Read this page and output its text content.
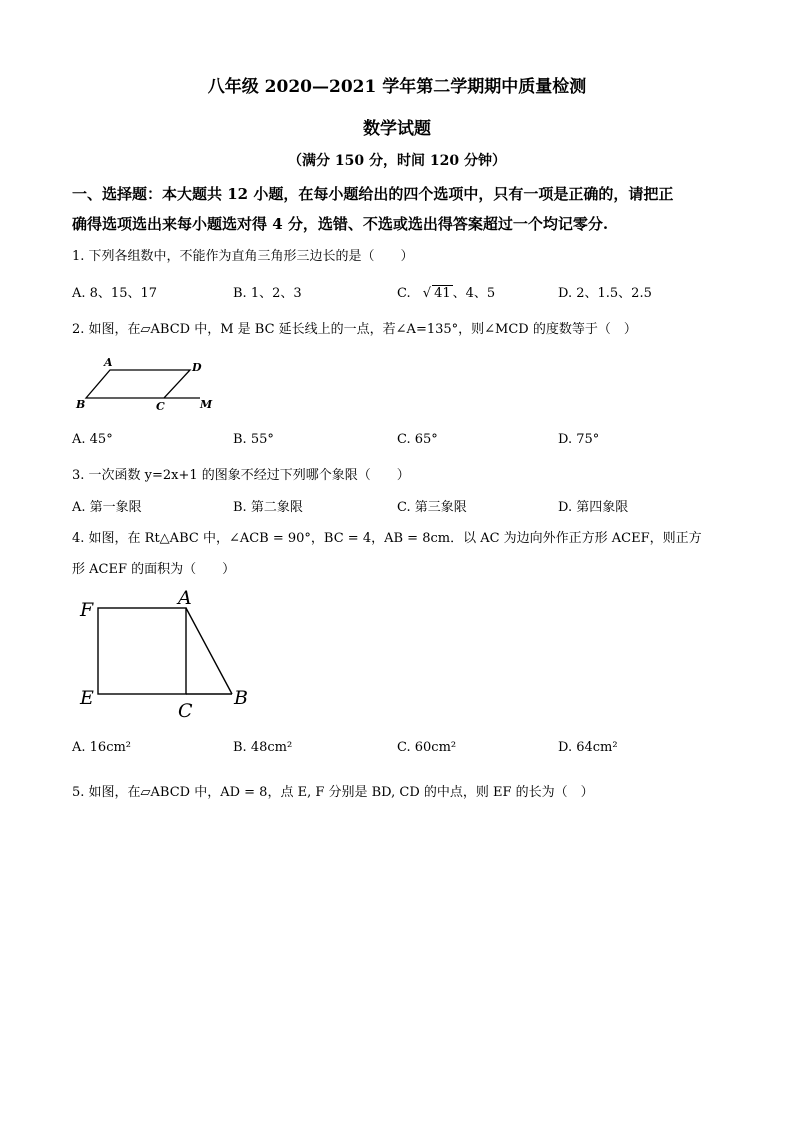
八年级 2020—2021 学年第二学期期中质量检测
数学试题
（满分 150 分，时间 120 分钟）
一、选择题：本大题共 12 小题，在每小题给出的四个选项中，只有一项是正确的，请把正
确得选项选出来每小题选对得 4 分，选错、不选或选出得答案超过一个均记零分.
1. 下列各组数中，不能作为直角三角形三边长的是（　　）
A. 8、15、17	B. 1、2、3	C. √ 41 、4、5	D. 2、1.5、2.5
2. 如图，在▱ABCD 中，M 是 BC 延长线上的一点，若∠A=135°，则∠MCD 的度数等于（　）
A	D
B	C	M
A. 45°	B. 55°	C. 65°	D. 75°
3. 一次函数 y=2x+1 的图象不经过下列哪个象限（　　）
A. 第一象限	B. 第二象限	C. 第三象限	D. 第四象限
4. 如图，在 Rt△ABC 中，∠ACB = 90°，BC = 4，AB = 8cm．以 AC 为边向外作正方形 ACEF，则正方
形 ACEF 的面积为（　　）
F
A
E
C
B
A. 16cm²	B. 48cm²	C. 60cm²	D. 64cm²
5. 如图，在▱ABCD 中，AD = 8，点 E, F 分别是 BD, CD 的中点，则 EF 的长为（　）
